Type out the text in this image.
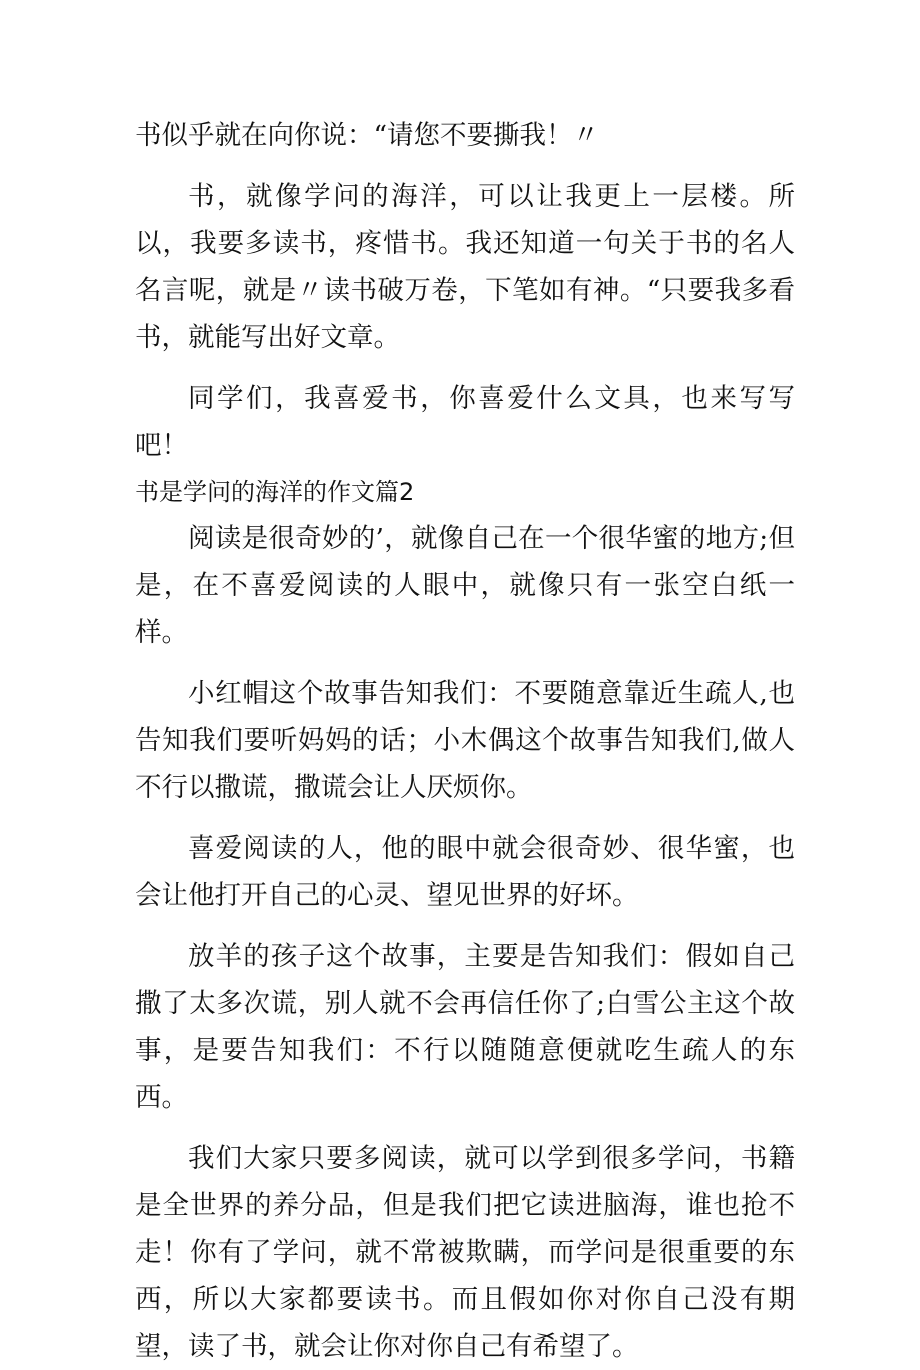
书似乎就在向你说：“请您不要撕我！〃

书，就像学问的海洋，可以让我更上一层楼。所以，我要多读书，疼惜书。我还知道一句关于书的名人名言呢，就是〃读书破万卷，下笔如有神。“只要我多看书，就能写出好文章。

同学们，我喜爱书，你喜爱什么文具，也来写写吧！

书是学问的海洋的作文篇2

阅读是很奇妙的’，就像自己在一个很华蜜的地方;但是，在不喜爱阅读的人眼中，就像只有一张空白纸一样。

小红帽这个故事告知我们：不要随意靠近生疏人,也告知我们要听妈妈的话；小木偶这个故事告知我们,做人不行以撒谎，撒谎会让人厌烦你。

喜爱阅读的人，他的眼中就会很奇妙、很华蜜，也会让他打开自己的心灵、望见世界的好坏。

放羊的孩子这个故事，主要是告知我们：假如自己撒了太多次谎，别人就不会再信任你了;白雪公主这个故事，是要告知我们：不行以随随意便就吃生疏人的东西。

我们大家只要多阅读，就可以学到很多学问，书籍是全世界的养分品，但是我们把它读进脑海，谁也抢不走！你有了学问，就不常被欺瞒，而学问是很重要的东西，所以大家都要读书。而且假如你对你自己没有期望，读了书，就会让你对你自己有希望了。
